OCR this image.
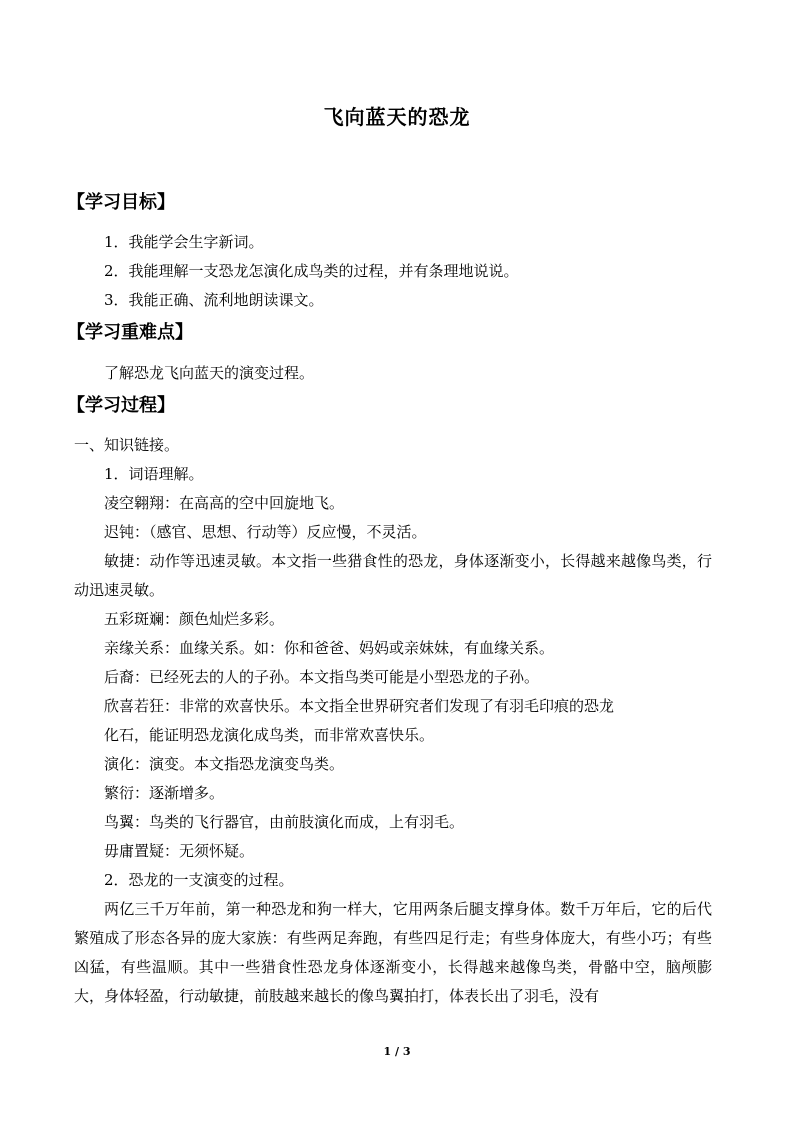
飞向蓝天的恐龙
【学习目标】
1．我能学会生字新词。
2．我能理解一支恐龙怎演化成鸟类的过程，并有条理地说说。
3．我能正确、流利地朗读课文。
【学习重难点】
了解恐龙飞向蓝天的演变过程。
【学习过程】
一、知识链接。
1．词语理解。
凌空翱翔：在高高的空中回旋地飞。
迟钝：（感官、思想、行动等）反应慢，不灵活。

敏捷：动作等迅速灵敏。本文指一些猎食性的恐龙，身体逐渐变小，长得越来越像鸟类，行动迅速灵敏。

五彩斑斓：颜色灿烂多彩。
亲缘关系：血缘关系。如：你和爸爸、妈妈或亲妹妹，有血缘关系。
后裔：已经死去的人的子孙。本文指鸟类可能是小型恐龙的子孙。
欣喜若狂：非常的欢喜快乐。本文指全世界研究者们发现了有羽毛印痕的恐龙
化石，能证明恐龙演化成鸟类，而非常欢喜快乐。
演化：演变。本文指恐龙演变鸟类。
繁衍：逐渐增多。
鸟翼：鸟类的飞行器官，由前肢演化而成，上有羽毛。
毋庸置疑：无须怀疑。
2．恐龙的一支演变的过程。

两亿三千万年前，第一种恐龙和狗一样大，它用两条后腿支撑身体。数千万年后，它的后代繁殖成了形态各异的庞大家族：有些两足奔跑，有些四足行走；有些身体庞大，有些小巧；有些凶猛，有些温顺。其中一些猎食性恐龙身体逐渐变小，长得越来越像鸟类，骨骼中空，脑颅膨大，身体轻盈，行动敏捷，前肢越来越长的像鸟翼拍打，体表长出了羽毛，没有

1 / 3
